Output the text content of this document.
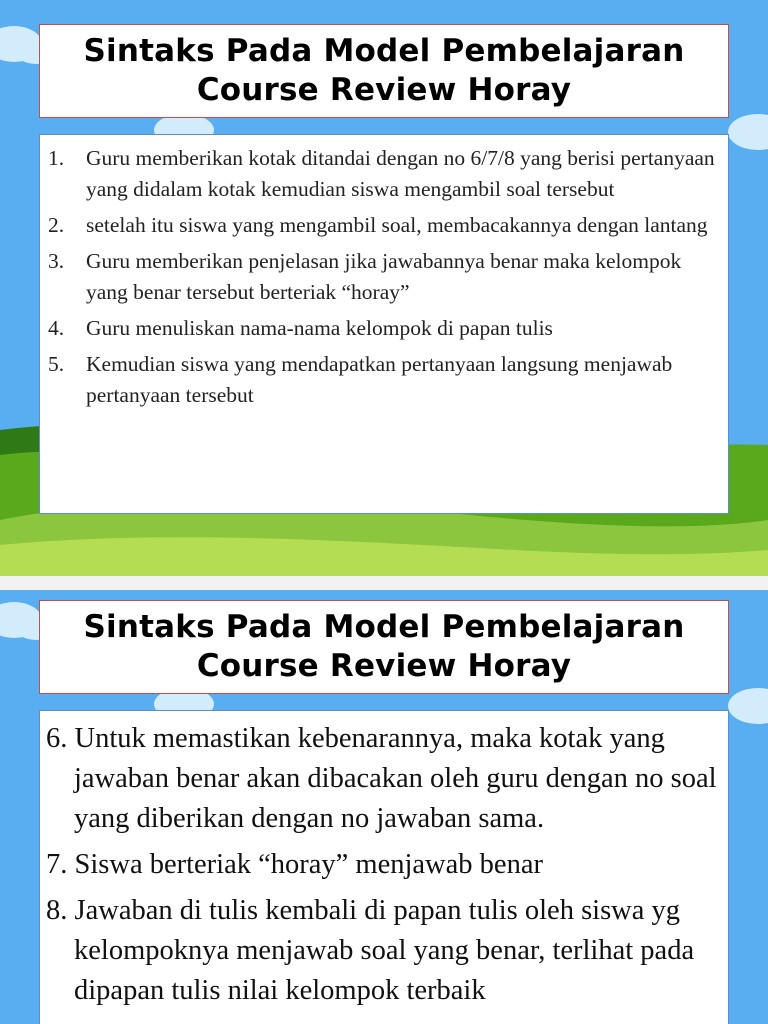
Sintaks Pada Model Pembelajaran
Course Review Horay
1. Guru memberikan kotak ditandai dengan no 6/7/8 yang berisi pertanyaan yang didalam kotak kemudian siswa mengambil soal tersebut
2. setelah itu siswa yang mengambil soal, membacakannya dengan lantang
3. Guru memberikan penjelasan jika jawabannya benar maka kelompok yang benar tersebut berteriak “horay”
4. Guru menuliskan nama-nama kelompok di papan tulis
5. Kemudian siswa yang mendapatkan pertanyaan langsung menjawab pertanyaan tersebut
Sintaks Pada Model Pembelajaran
Course Review Horay
6. Untuk memastikan kebenarannya, maka kotak yang jawaban benar akan dibacakan oleh guru dengan no soal yang diberikan dengan no jawaban sama.
7. Siswa berteriak “horay” menjawab benar
8. Jawaban di tulis kembali di papan tulis oleh siswa yg kelompoknya menjawab soal yang benar, terlihat pada dipapan tulis nilai kelompok terbaik
